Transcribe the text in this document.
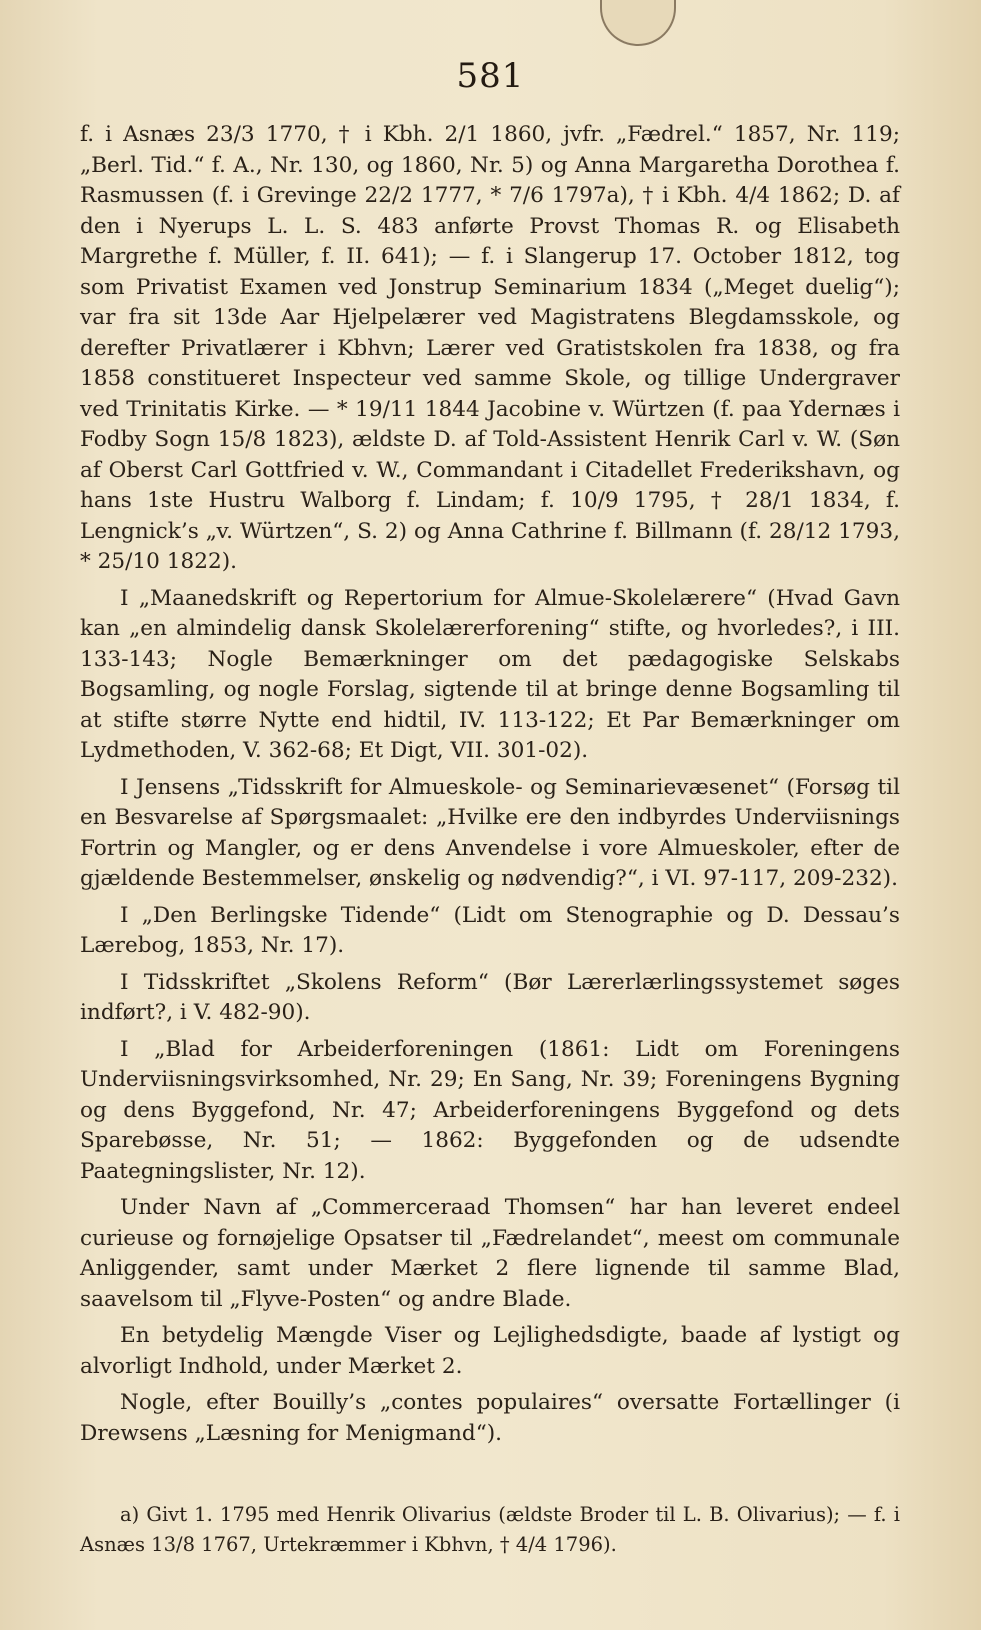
581

f. i Asnæs 23/3 1770, † i Kbh. 2/1 1860, jvfr. „Fædrel.“ 1857, Nr. 119; „Berl. Tid.“ f. A., Nr. 130, og 1860, Nr. 5) og Anna Margaretha Dorothea f. Rasmussen (f. i Grevinge 22/2 1777, * 7/6 1797a), † i Kbh. 4/4 1862; D. af den i Nyerups L. L. S. 483 anførte Provst Thomas R. og Elisabeth Margrethe f. Müller, f. II. 641); — f. i Slangerup 17. October 1812, tog som Privatist Examen ved Jonstrup Seminarium 1834 („Meget duelig“); var fra sit 13de Aar Hjelpelærer ved Magistratens Blegdamsskole, og derefter Privatlærer i Kbhvn; Lærer ved Gratistskolen fra 1838, og fra 1858 constitueret Inspecteur ved samme Skole, og tillige Undergraver ved Trinitatis Kirke. — * 19/11 1844 Jacobine v. Würtzen (f. paa Ydernæs i Fodby Sogn 15/8 1823), ældste D. af Told-Assistent Henrik Carl v. W. (Søn af Oberst Carl Gottfried v. W., Commandant i Citadellet Frederikshavn, og hans 1ste Hustru Walborg f. Lindam; f. 10/9 1795, † 28/1 1834, f. Lengnick’s „v. Würtzen“, S. 2) og Anna Cathrine f. Billmann (f. 28/12 1793, * 25/10 1822).

I „Maanedskrift og Repertorium for Almue-Skolelærere“ (Hvad Gavn kan „en almindelig dansk Skolelærerforening“ stifte, og hvorledes?, i III. 133-143; Nogle Bemærkninger om det pædagogiske Selskabs Bogsamling, og nogle Forslag, sigtende til at bringe denne Bogsamling til at stifte større Nytte end hidtil, IV. 113-122; Et Par Bemærkninger om Lydmethoden, V. 362-68; Et Digt, VII. 301-02).

I Jensens „Tidsskrift for Almueskole- og Seminarievæsenet“ (Forsøg til en Besvarelse af Spørgsmaalet: „Hvilke ere den indbyrdes Underviisnings Fortrin og Mangler, og er dens Anvendelse i vore Almueskoler, efter de gjældende Bestemmelser, ønskelig og nødvendig?“, i VI. 97-117, 209-232).

I „Den Berlingske Tidende“ (Lidt om Stenographie og D. Dessau’s Lærebog, 1853, Nr. 17).

I Tidsskriftet „Skolens Reform“ (Bør Lærerlærlingssystemet søges indført?, i V. 482-90).

I „Blad for Arbeiderforeningen (1861: Lidt om Foreningens Underviisningsvirksomhed, Nr. 29; En Sang, Nr. 39; Foreningens Bygning og dens Byggefond, Nr. 47; Arbeiderforeningens Byggefond og dets Sparebøsse, Nr. 51; — 1862: Byggefonden og de udsendte Paategningslister, Nr. 12).

Under Navn af „Commerceraad Thomsen“ har han leveret endeel curieuse og fornøjelige Opsatser til „Fædrelandet“, meest om communale Anliggender, samt under Mærket 2 flere lignende til samme Blad, saavelsom til „Flyve-Posten“ og andre Blade.

En betydelig Mængde Viser og Lejlighedsdigte, baade af lystigt og alvorligt Indhold, under Mærket 2.

Nogle, efter Bouilly’s „contes populaires“ oversatte Fortællinger (i Drewsens „Læsning for Menigmand“).

a) Givt 1. 1795 med Henrik Olivarius (ældste Broder til L. B. Olivarius); — f. i Asnæs 13/8 1767, Urtekræmmer i Kbhvn, † 4/4 1796).
